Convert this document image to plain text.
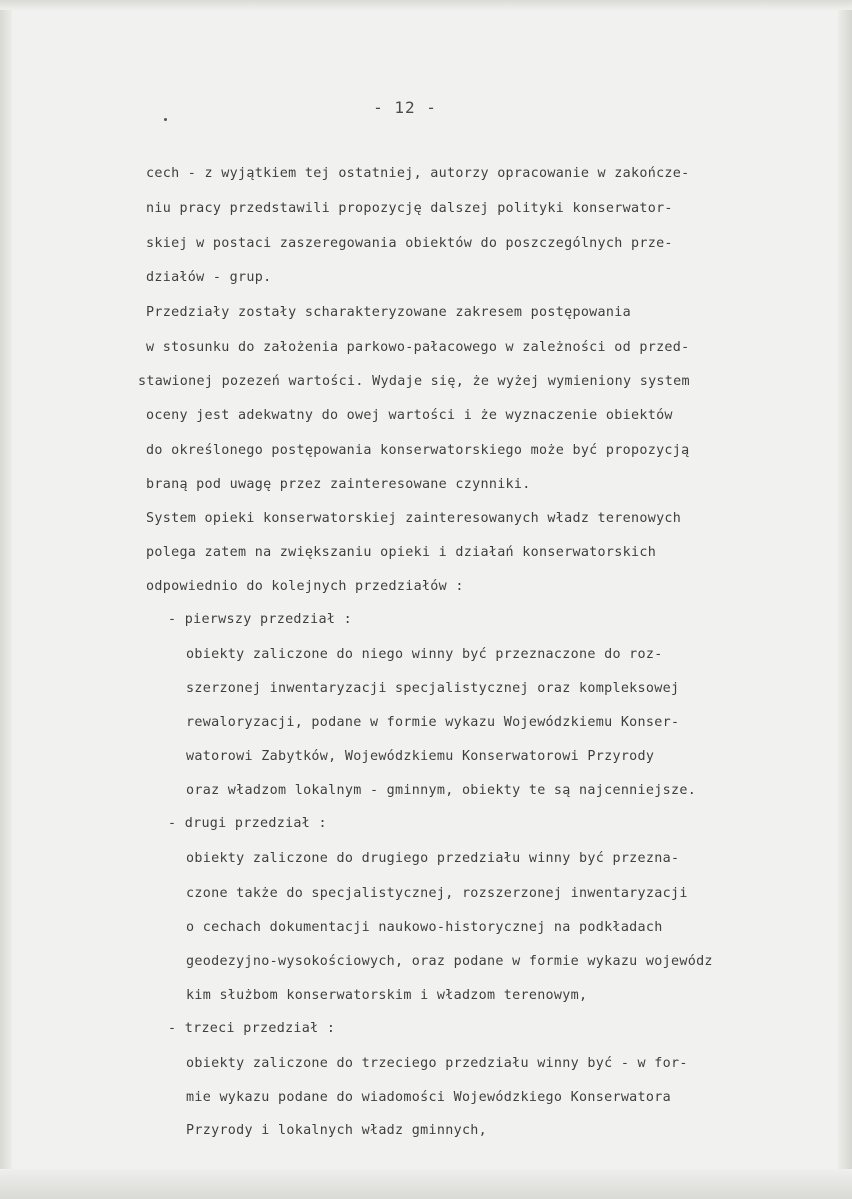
- 12 -
cech - z wyjątkiem tej ostatniej, autorzy opracowanie w zakończe-
niu pracy przedstawili propozycję dalszej polityki konserwator-
skiej w postaci zaszeregowania obiektów do poszczególnych prze-
działów - grup.
Przedziały zostały scharakteryzowane zakresem postępowania
w stosunku do założenia parkowo-pałacowego w zależności od przed-
stawionej pozezeń wartości. Wydaje się, że wyżej wymieniony system
oceny jest adekwatny do owej wartości i że wyznaczenie obiektów
do określonego postępowania konserwatorskiego może być propozycją
braną pod uwagę przez zainteresowane czynniki.
System opieki konserwatorskiej zainteresowanych władz terenowych
polega zatem na zwiększaniu opieki i działań konserwatorskich
odpowiednio do kolejnych przedziałów :
- pierwszy przedział :
obiekty zaliczone do niego winny być przeznaczone do roz-
szerzonej inwentaryzacji specjalistycznej oraz kompleksowej
rewaloryzacji, podane w formie wykazu Wojewódzkiemu Konser-
watorowi Zabytków, Wojewódzkiemu Konserwatorowi Przyrody
oraz władzom lokalnym - gminnym, obiekty te są najcenniejsze.
- drugi przedział :
obiekty zaliczone do drugiego przedziału winny być przezna-
czone także do specjalistycznej, rozszerzonej inwentaryzacji
o cechach dokumentacji naukowo-historycznej na podkładach
geodezyjno-wysokościowych, oraz podane w formie wykazu wojewódz
kim służbom konserwatorskim i władzom terenowym,
- trzeci przedział :
obiekty zaliczone do trzeciego przedziału winny być - w for-
mie wykazu podane do wiadomości Wojewódzkiego Konserwatora
Przyrody i lokalnych władz gminnych,
